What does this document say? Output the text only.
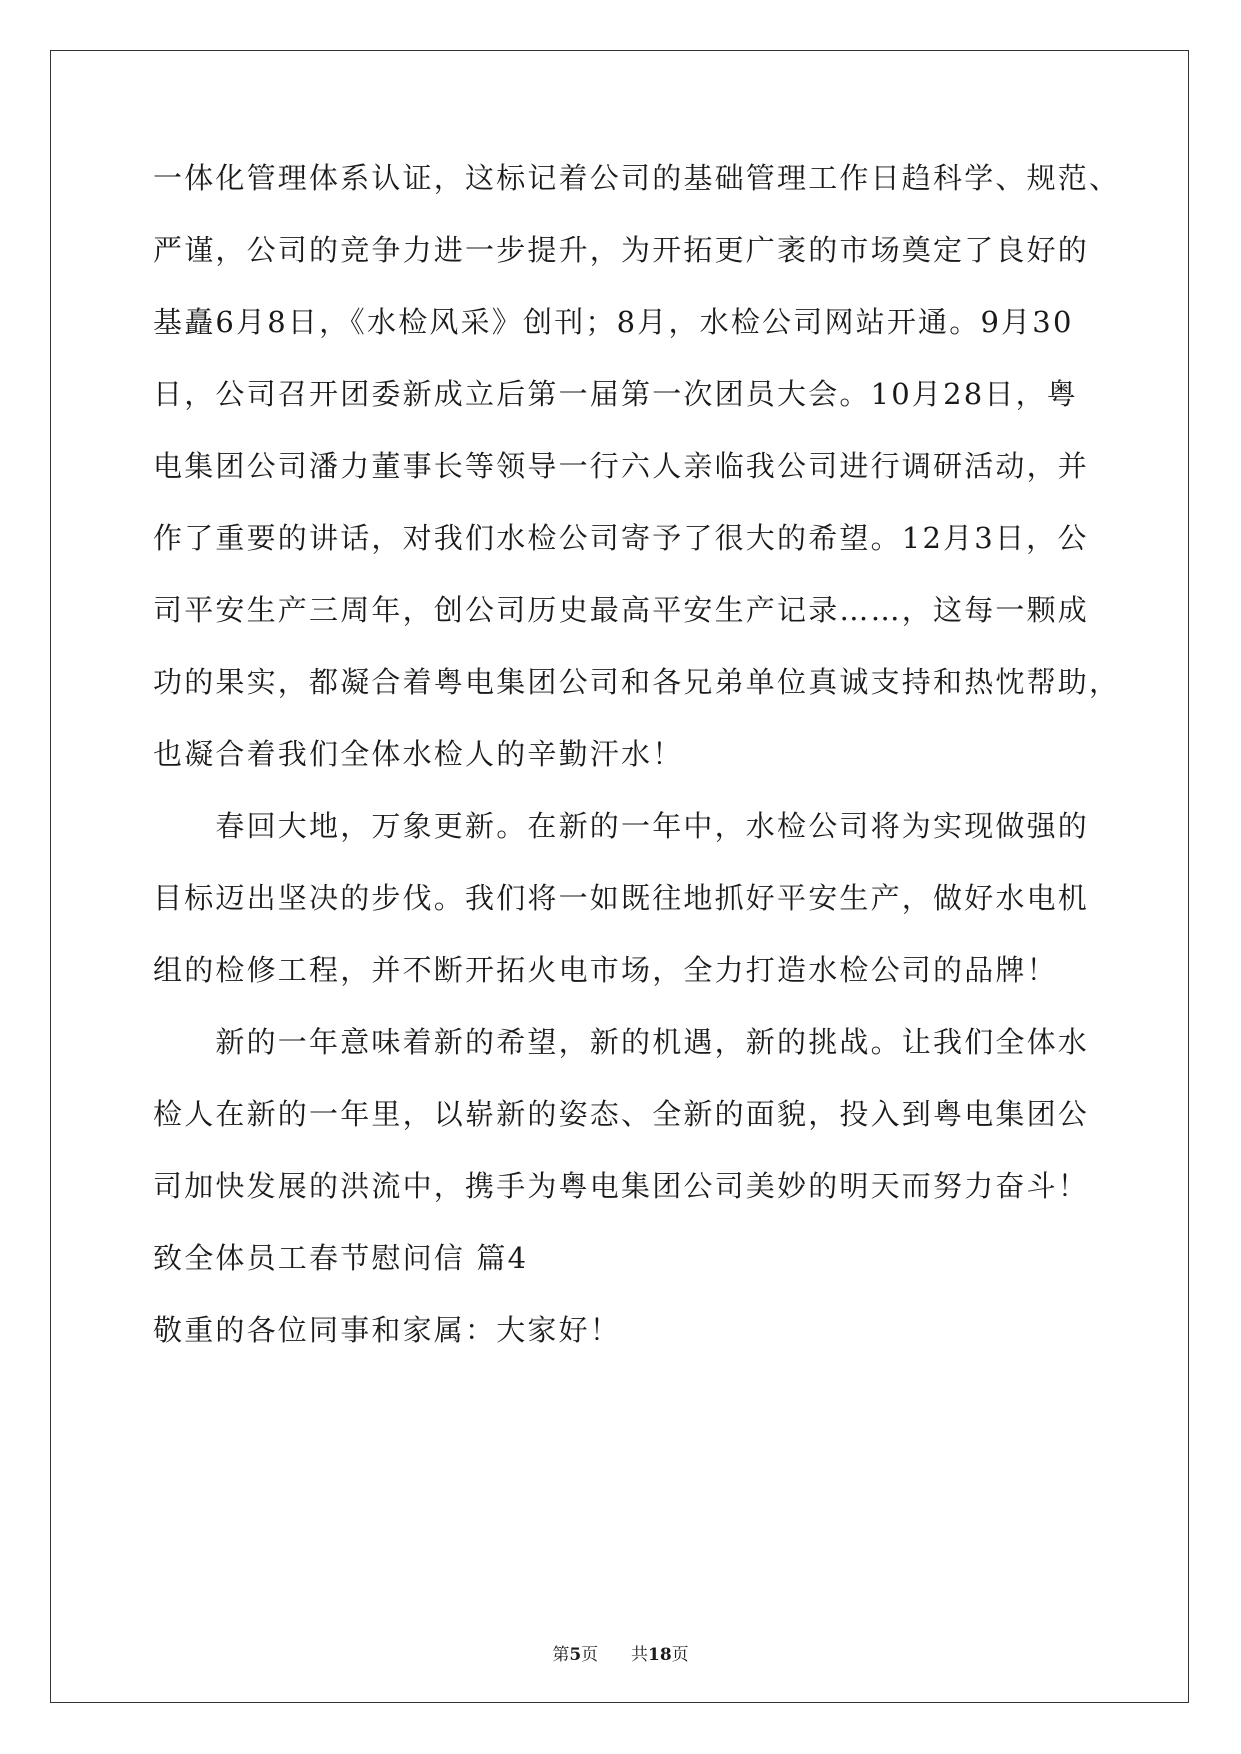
一体化管理体系认证，这标记着公司的基础管理工作日趋科学、规范、
严谨，公司的竞争力进一步提升，为开拓更广袤的市场奠定了良好的
基矗6月8日，《水检风采》创刊；8月，水检公司网站开通。9月30
日，公司召开团委新成立后第一届第一次团员大会。10月28日，粤
电集团公司潘力董事长等领导一行六人亲临我公司进行调研活动，并
作了重要的讲话，对我们水检公司寄予了很大的希望。12月3日，公
司平安生产三周年，创公司历史最高平安生产记录……，这每一颗成
功的果实，都凝合着粤电集团公司和各兄弟单位真诚支持和热忱帮助，
也凝合着我们全体水检人的辛勤汗水！
　　春回大地，万象更新。在新的一年中，水检公司将为实现做强的
目标迈出坚决的步伐。我们将一如既往地抓好平安生产，做好水电机
组的检修工程，并不断开拓火电市场，全力打造水检公司的品牌！
　　新的一年意味着新的希望，新的机遇，新的挑战。让我们全体水
检人在新的一年里，以崭新的姿态、全新的面貌，投入到粤电集团公
司加快发展的洪流中，携手为粤电集团公司美妙的明天而努力奋斗！
致全体员工春节慰问信 篇4
敬重的各位同事和家属：大家好！
第5页 共18页
